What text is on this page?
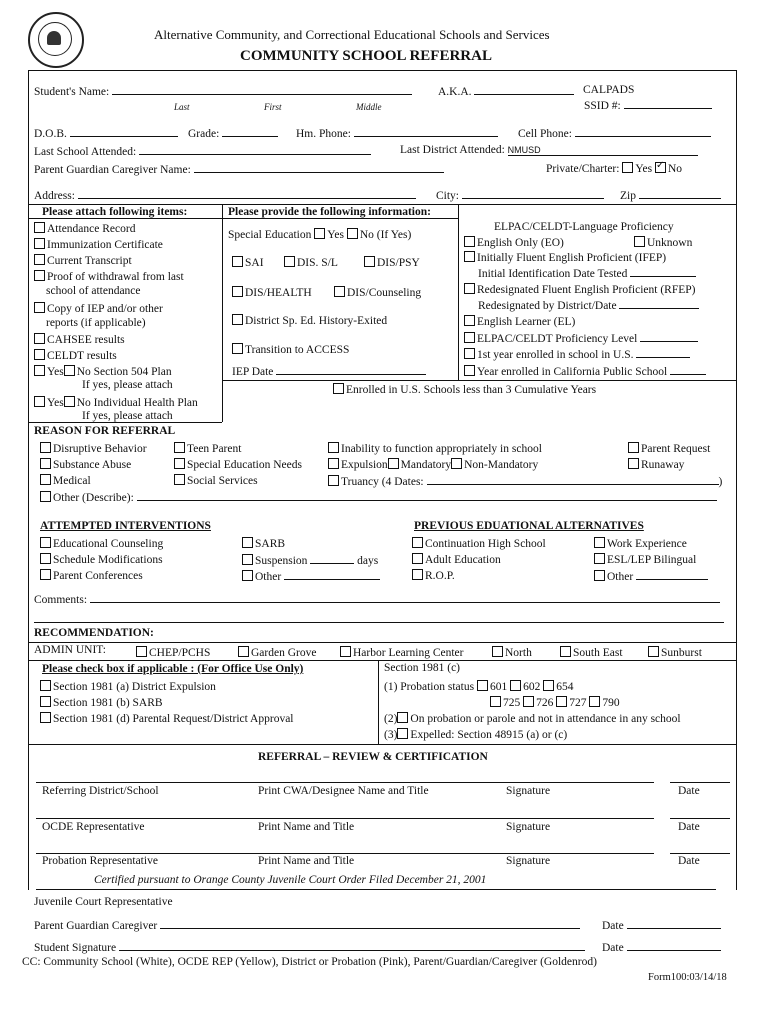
Alternative Community, and Correctional Educational Schools and Services
COMMUNITY SCHOOL REFERRAL
Student's Name:	A.K.A.	CALPADS
SSID #:
Last	First	Middle
D.O.B.	Grade:	Hm. Phone:	Cell Phone:
Last School Attended:	Last District Attended: NMUSD
Parent Guardian Caregiver Name:	Private/Charter: Yes ✓ No
Address:	City:	Zip
Please attach following items:
Attendance Record
Immunization Certificate
Current Transcript
Proof of withdrawal from last
school of attendance
Copy of IEP and/or other
reports (if applicable)
CAHSEE results
CELDT results
Yes No Section 504 Plan
If yes, please attach
Yes No Individual Health Plan
If yes, please attach
Please provide the following information:
Special Education Yes No (If Yes)
SAI	DIS. S/L	DIS/PSY
DIS/HEALTH	DIS/Counseling
District Sp. Ed. History-Exited
Transition to ACCESS
IEP Date
ELPAC/CELDT-Language Proficiency
English Only (EO)	Unknown
Initially Fluent English Proficient (IFEP)
Initial Identification Date Tested
Redesignated Fluent English Proficient (RFEP)
Redesignated by District/Date
English Learner (EL)
ELPAC/CELDT Proficiency Level
1st year enrolled in school in U.S.
Year enrolled in California Public School
Enrolled in U.S. Schools less than 3 Cumulative Years
REASON FOR REFERRAL
Disruptive Behavior	Teen Parent	Inability to function appropriately in school	Parent Request
Substance Abuse	Special Education Needs	Expulsion Mandatory Non-Mandatory	Runaway
Medical	Social Services	Truancy (4 Dates:	)
Other (Describe):
ATTEMPTED INTERVENTIONS
Educational Counseling
Schedule Modifications
Parent Conferences
SARB
Suspension	days
Other
PREVIOUS EDUATIONAL ALTERNATIVES
Continuation High School
Adult Education
R.O.P.
Work Experience
ESL/LEP Bilingual
Other
Comments:
RECOMMENDATION:
ADMIN UNIT:	CHEP/PCHS	Garden Grove	Harbor Learning Center	North	South East	Sunburst
Please check box if applicable : (For Office Use Only)
Section 1981 (a) District Expulsion
Section 1981 (b) SARB
Section 1981 (d) Parental Request/District Approval
Section 1981 (c)
(1) Probation status 601 602 654
725 726 727 790
(2) On probation or parole and not in attendance in any school
(3) Expelled: Section 48915 (a) or (c)
REFERRAL – REVIEW & CERTIFICATION
Referring District/School	Print CWA/Designee Name and Title	Signature	Date
OCDE Representative	Print Name and Title	Signature	Date
Probation Representative	Print Name and Title	Signature	Date
Certified pursuant to Orange County Juvenile Court Order Filed December 21, 2001
Juvenile Court Representative
Parent Guardian Caregiver	Date
Student Signature	Date
CC: Community School (White), OCDE REP (Yellow), District or Probation (Pink), Parent/Guardian/Caregiver (Goldenrod)
Form100:03/14/18
